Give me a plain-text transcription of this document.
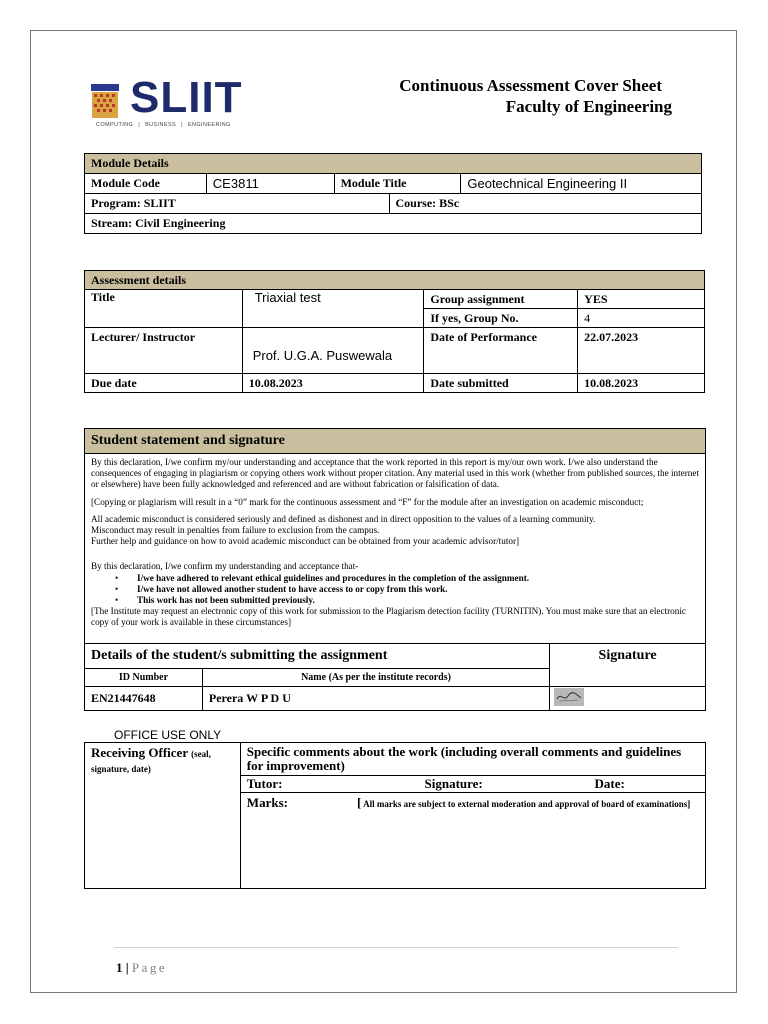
SLIIT
COMPUTING | BUSINESS | ENGINEERING
Continuous Assessment Cover Sheet
Faculty of Engineering
Module Details				
Module Code	CE3811	Module Title		Geotechnical Engineering II
Program: SLIIT			Course: BSc	
Stream: Civil Engineering				
Assessment details			
Title	Triaxial test	Group assignment	YES
		If yes, Group No.	4
Lecturer/ Instructor	Prof. U.G.A. Puswewala	Date of Performance	22.07.2023
Due date	10.08.2023	Date submitted	10.08.2023
Student statement and signature

By this declaration, I/we confirm my/our understanding and acceptance that the work reported in this report is my/our own work. I/we also understand the consequences of engaging in plagiarism or copying others work without proper citation. Any material used in this work (whether from published sources, the internet or elsewhere) have been fully acknowledged and referenced and are without fabrication or falsification of data.

[Copying or plagiarism will result in a “0” mark for the continuous assessment and “F” for the module after an investigation on academic misconduct;

All academic misconduct is considered seriously and defined as dishonest and in direct opposition to the values of a learning community.
Misconduct may result in penalties from failure to exclusion from the campus.

Further help and guidance on how to avoid academic misconduct can be obtained from your academic advisor/tutor]

By this declaration, I/we confirm my understanding and acceptance that-
• I/we have adhered to relevant ethical guidelines and procedures in the completion of the assignment.
• I/we have not allowed another student to have access to or copy from this work.
• This work has not been submitted previously.
[The Institute may request an electronic copy of this work for submission to the Plagiarism detection facility (TURNITIN). You must make sure that an electronic copy of your work is available in these circumstances]
Details of the student/s submitting the assignment		Signature
ID Number	Name (As per the institute records)	
EN21447648	Perera W P D U	
OFFICE USE ONLY
Receiving Officer (seal, signature, date)	Specific comments about the work (including overall comments and guidelines for improvement)
Tutor:	Signature:	Date:

Marks:	[ All marks are subject to external moderation and approval of board of examinations]
1 | Page
